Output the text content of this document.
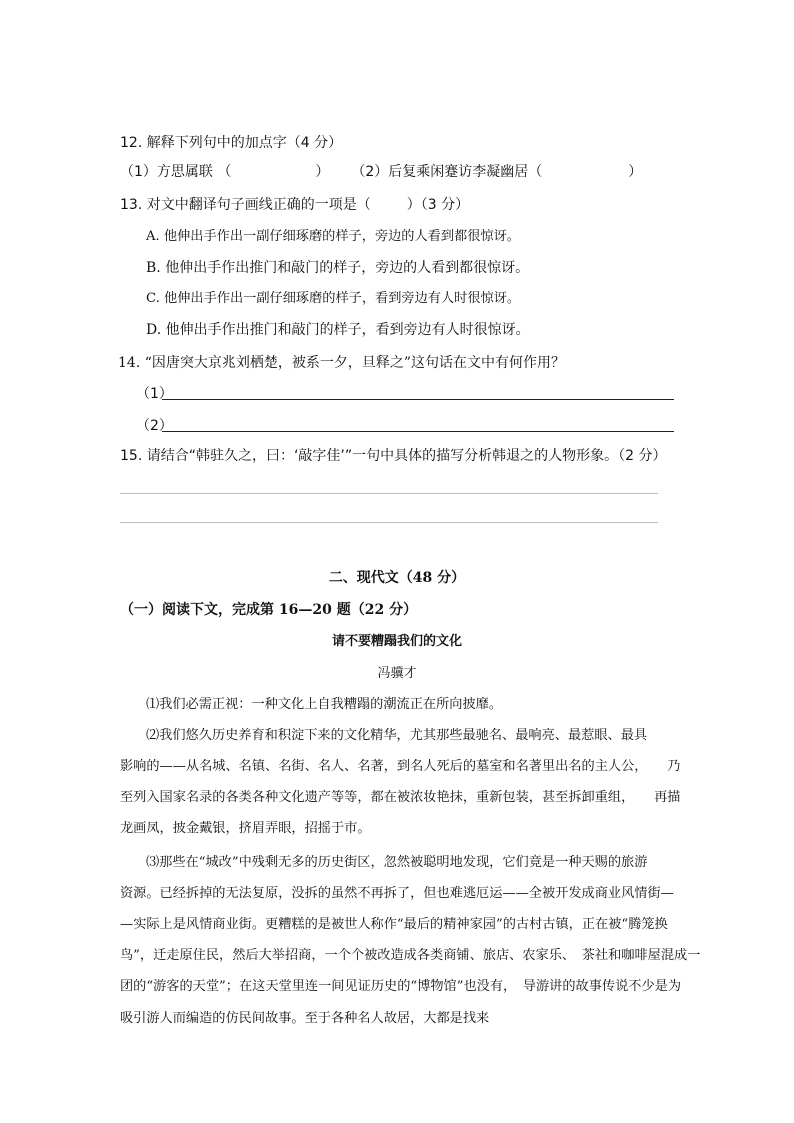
12. 解释下列句中的加点字（4 分）
（1）方思属联 （	） （2）后复乘闲蹇访李凝幽居（	）
13. 对文中翻译句子画线正确的一项是（	）（3 分）
A. 他伸出手作出一副仔细琢磨的样子，旁边的人看到都很惊讶。
B. 他伸出手作出推门和敲门的样子，旁边的人看到都很惊讶。
C. 他伸出手作出一副仔细琢磨的样子，看到旁边有人时很惊讶。
D. 他伸出手作出推门和敲门的样子，看到旁边有人时很惊讶。
14. “因唐突大京兆刘栖楚，被系一夕，旦释之”这句话在文中有何作用？
（1）
（2）
15. 请结合“韩驻久之，曰：‘敲字佳’”一句中具体的描写分析韩退之的人物形象。（2 分）
二、现代文（48 分）
（一）阅读下文，完成第 16—20 题（22 分）
请不要糟蹋我们的文化
冯骥才
⑴我们必需正视：一种文化上自我糟蹋的潮流正在所向披靡。
⑵我们悠久历史养育和积淀下来的文化精华，尤其那些最驰名、最响亮、最惹眼、最具
影响的——从名城、名镇、名街、名人、名著，到名人死后的墓室和名著里出名的主人公，　　乃
至列入国家名录的各类各种文化遗产等等，都在被浓妆艳抹，重新包装，甚至拆卸重组，　　再描
龙画凤，披金戴银，挤眉弄眼，招摇于市。
⑶那些在“城改”中残剩无多的历史街区，忽然被聪明地发现，它们竟是一种天赐的旅游
资源。已经拆掉的无法复原，没拆的虽然不再拆了，但也难逃厄运——全被开发成商业风情街—
—实际上是风情商业街。更糟糕的是被世人称作“最后的精神家园”的古村古镇，正在被“腾笼换
鸟”，迁走原住民，然后大举招商，一个个被改造成各类商铺、旅店、农家乐、　茶社和咖啡屋混成一
团的“游客的天堂”；在这天堂里连一间见证历史的“博物馆”也没有，　导游讲的故事传说不少是为
吸引游人而编造的仿民间故事。至于各种名人故居，大都是找来
